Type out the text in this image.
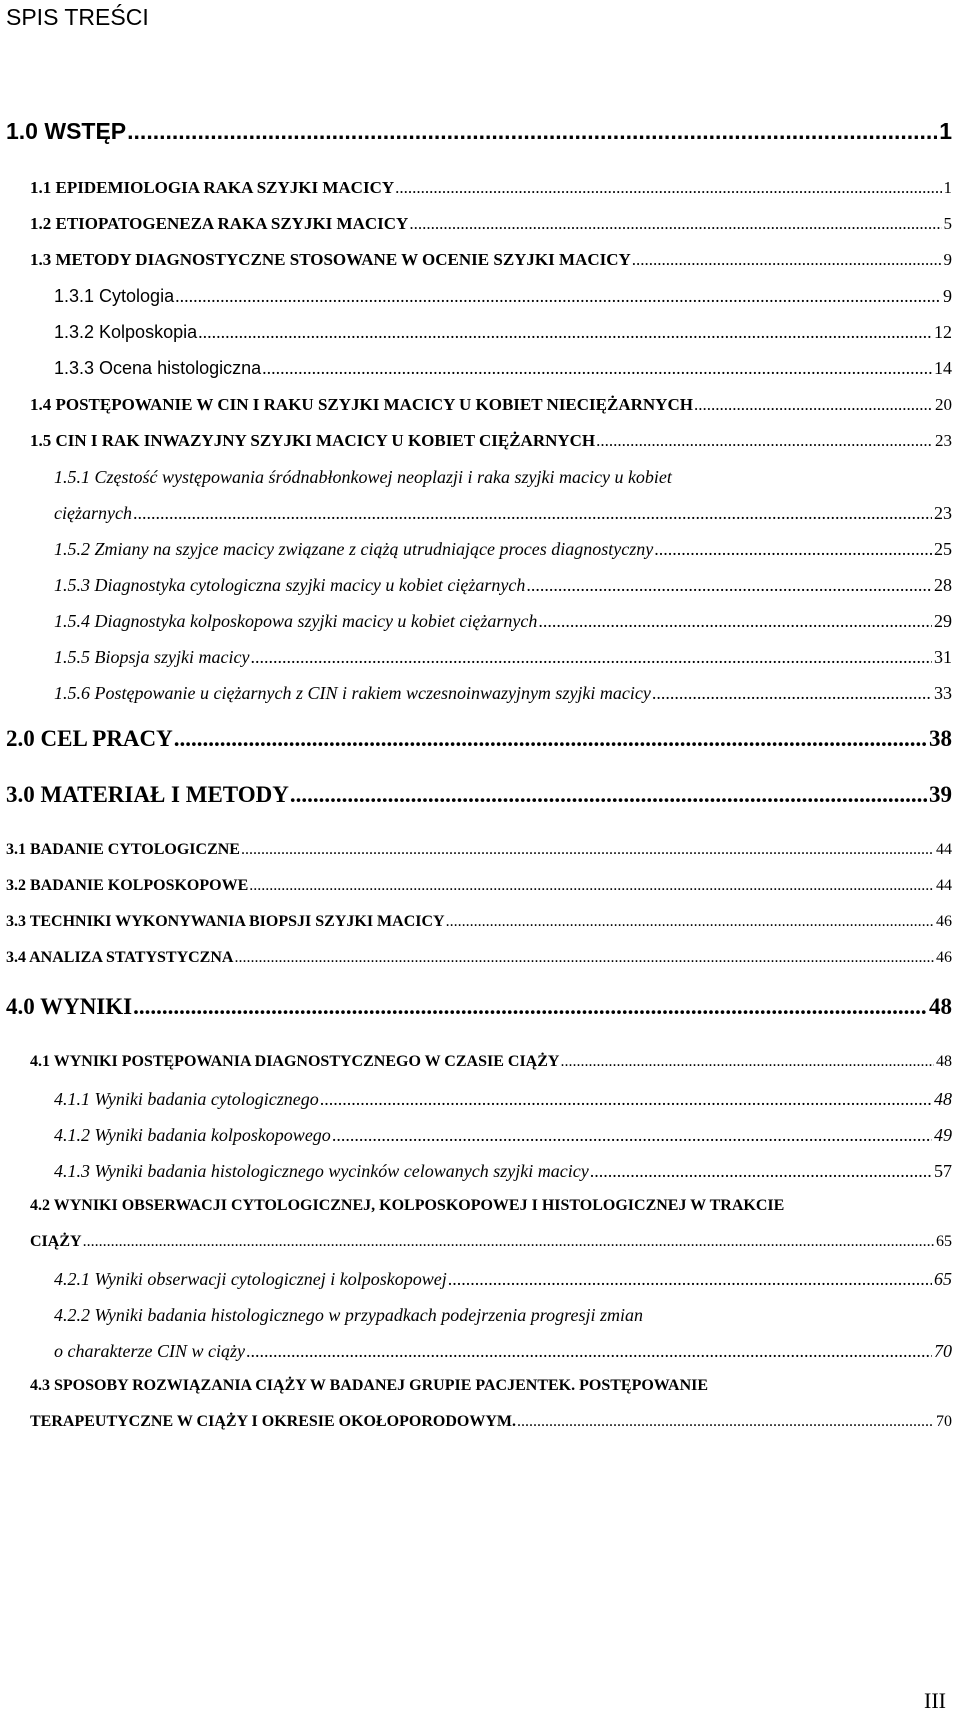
SPIS TREŚCI
1.0 WSTĘP .....	1
1.1 EPIDEMIOLOGIA RAKA SZYJKI MACICY .....	1
1.2 ETIOPATOGENEZA RAKA SZYJKI MACICY .....	5
1.3 METODY DIAGNOSTYCZNE STOSOWANE W OCENIE SZYJKI MACICY .....	9
1.3.1 Cytologia .....	9
1.3.2 Kolposkopia .....	12
1.3.3 Ocena histologiczna .....	14
1.4 POSTĘPOWANIE W CIN I RAKU SZYJKI MACICY U KOBIET NIECIĘŻARNYCH .....	20
1.5 CIN I RAK INWAZYJNY SZYJKI MACICY U KOBIET CIĘŻARNYCH .....	23
1.5.1 Częstość występowania śródnabłonkowej neoplazji i raka szyjki macicy u kobiet
ciężarnych .....	23
1.5.2 Zmiany na szyjce macicy związane z ciążą utrudniające proces diagnostyczny .....	25
1.5.3 Diagnostyka cytologiczna szyjki macicy u kobiet ciężarnych .....	28
1.5.4 Diagnostyka kolposkopowa szyjki macicy u kobiet ciężarnych .....	29
1.5.5 Biopsja szyjki macicy .....	31
1.5.6 Postępowanie u ciężarnych z CIN i rakiem wczesnoinwazyjnym szyjki macicy .....	33
2.0 CEL PRACY .....	38
3.0 MATERIAŁ I METODY .....	39
3.1 BADANIE CYTOLOGICZNE .....	44
3.2 BADANIE KOLPOSKOPOWE .....	44
3.3 TECHNIKI WYKONYWANIA BIOPSJI SZYJKI MACICY .....	46
3.4 ANALIZA STATYSTYCZNA .....	46
4.0 WYNIKI .....	48
4.1 WYNIKI POSTĘPOWANIA DIAGNOSTYCZNEGO W CZASIE CIĄŻY .....	48
4.1.1 Wyniki badania cytologicznego .....	48
4.1.2 Wyniki badania kolposkopowego .....	49
4.1.3 Wyniki badania histologicznego wycinków celowanych szyjki macicy .....	57
4.2 WYNIKI OBSERWACJI CYTOLOGICZNEJ, KOLPOSKOPOWEJ I HISTOLOGICZNEJ W TRAKCIE
CIĄŻY .....	65
4.2.1 Wyniki obserwacji cytologicznej i kolposkopowej .....	65
4.2.2 Wyniki badania histologicznego w przypadkach podejrzenia progresji zmian
o charakterze CIN w ciąży .....	70
4.3 SPOSOBY ROZWIĄZANIA CIĄŻY W BADANEJ GRUPIE PACJENTEK. POSTĘPOWANIE
TERAPEUTYCZNE W CIĄŻY I OKRESIE OKOŁOPORODOWYM. .....	70
III
